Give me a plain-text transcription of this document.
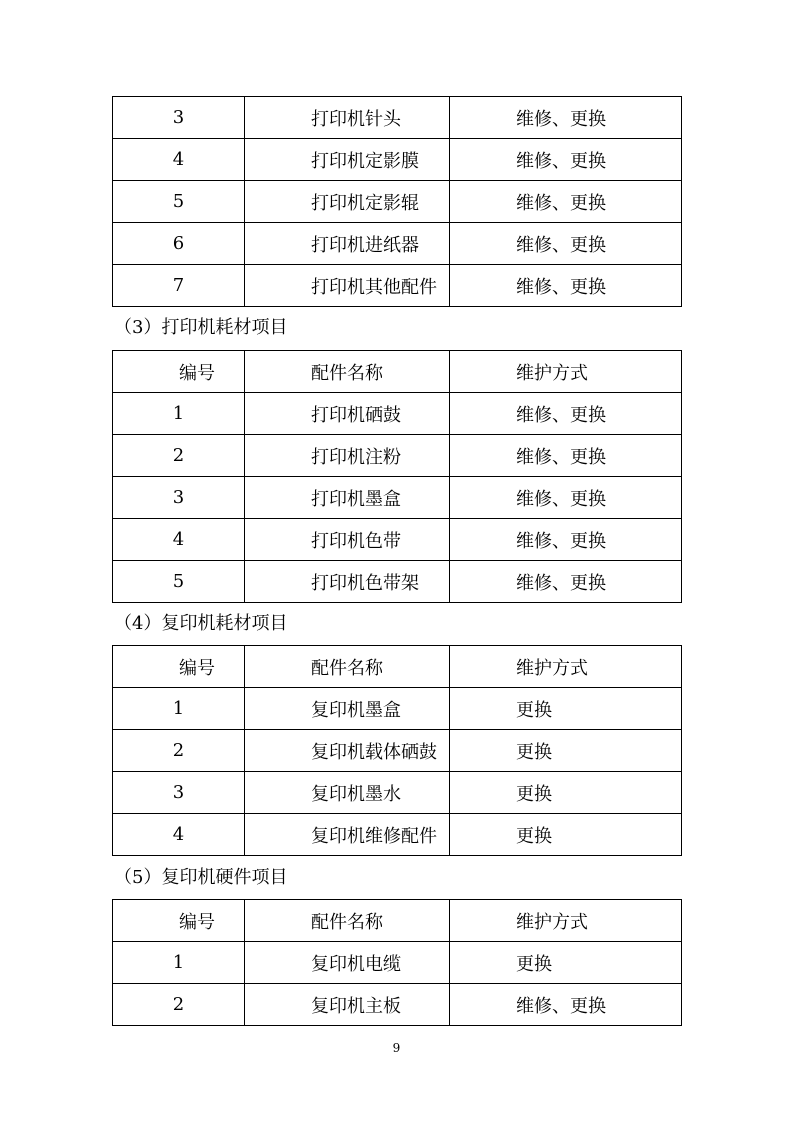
3	打印机针头	维修、更换
4	打印机定影膜	维修、更换
5	打印机定影辊	维修、更换
6	打印机进纸器	维修、更换
7	打印机其他配件	维修、更换
（3）打印机耗材项目
编号	配件名称	维护方式
1	打印机硒鼓	维修、更换
2	打印机注粉	维修、更换
3	打印机墨盒	维修、更换
4	打印机色带	维修、更换
5	打印机色带架	维修、更换
（4）复印机耗材项目
编号	配件名称	维护方式
1	复印机墨盒	更换
2	复印机载体硒鼓	更换
3	复印机墨水	更换
4	复印机维修配件	更换
（5）复印机硬件项目
编号	配件名称	维护方式
1	复印机电缆	更换
2	复印机主板	维修、更换
9
